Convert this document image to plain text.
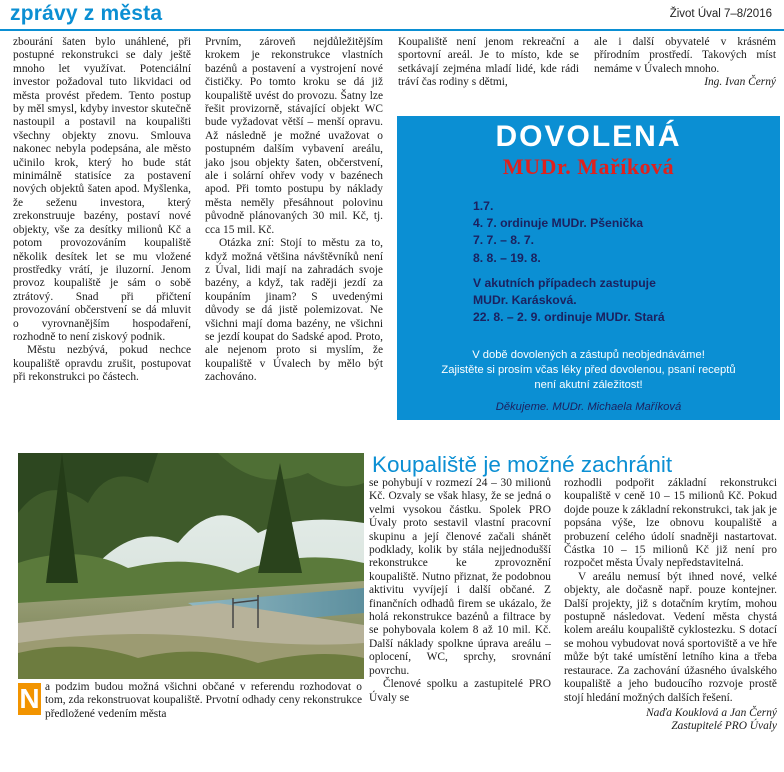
zprávy z města	Život Úval 7–8/2016

zbourání šaten bylo unáhlené, při postupné rekonstrukci se daly ještě mnoho let využívat. Potenciální investor požadoval tuto likvidaci od města provést předem. Tento postup by měl smysl, kdyby investor skutečně nastoupil a postavil na koupališti všechny objekty znovu. Smlouva nakonec nebyla podepsána, ale město učinilo krok, který ho bude stát minimálně statisíce za postavení nových objektů šaten apod. Myšlenka, že seženu investora, který zrekonstruuje bazény, postaví nové objekty, vše za desítky milionů Kč a potom provozováním koupaliště několik desítek let se mu vložené prostředky vrátí, je iluzorní. Jenom provoz koupaliště je sám o sobě ztrátový. Snad při přičtení provozování občerstvení se dá mluvit o vyrovnanějším hospodaření, rozhodně to není ziskový podnik.

Městu nezbývá, pokud nechce koupaliště opravdu zrušit, postupovat při rekonstrukci po částech.

Prvním, zároveň nejdůležitějším krokem je rekonstrukce vlastních bazénů a postavení a vystrojení nové čističky. Po tomto kroku se dá již koupaliště uvést do provozu. Šatny lze řešit provizorně, stávající objekt WC bude vyžadovat větší – menší opravu. Až následně je možné uvažovat o postupném dalším vybavení areálu, jako jsou objekty šaten, občerstvení, ale i solární ohřev vody v bazénech apod. Při tomto postupu by náklady města neměly přesáhnout polovinu původně plánovaných 30 mil. Kč, tj. cca 15 mil. Kč.

Otázka zní: Stojí to městu za to, když možná většina návštěvníků není z Úval, lidi mají na zahradách svoje bazény, a když, tak raději jezdí za koupáním jinam? S uvedenými důvody se dá jistě polemizovat. Ne všichni mají doma bazény, ne všichni se jezdí koupat do Sadské apod. Proto, ale nejenom proto si myslím, že koupaliště v Úvalech by mělo být zachováno.

Koupaliště není jenom rekreační a sportovní areál. Je to místo, kde se setkávají zejména mladí lidé, kde rádi tráví čas rodiny s dětmi,

ale i další obyvatelé v krásném přírodním prostředí. Takových míst nemáme v Úvalech mnoho.

Ing. Ivan Černý
DOVOLENÁ
MUDr. Maříková
1.7.
4. 7. ordinuje MUDr. Pšenička
7. 7. – 8. 7.
8. 8. – 19. 8.
V akutních případech zastupuje
MUDr. Karásková.
22. 8. – 2. 9. ordinuje MUDr. Stará
V době dovolených a zástupů neobjednáváme!
Zajistěte si prosím včas léky před dovolenou, psaní receptů
není akutní záležitost!
Děkujeme. MUDr. Michaela Maříková
Koupaliště je možné zachránit
N a podzim budou možná všichni občané v referendu rozhodovat o tom, zda rekonstruovat koupaliště. Prvotní odhady ceny rekonstrukce předložené vedením města

se pohybují v rozmezí 24 – 30 milionů Kč. Ozvaly se však hlasy, že se jedná o velmi vysokou částku. Spolek PRO Úvaly proto sestavil vlastní pracovní skupinu a její členové začali shánět podklady, kolik by stála nejjednodušší rekonstrukce ke zprovoznění koupaliště. Nutno přiznat, že podobnou aktivitu vyvíjejí i další občané. Z finančních odhadů firem se ukázalo, že holá rekonstrukce bazénů a filtrace by se pohybovala kolem 8 až 10 mil. Kč. Další náklady spolkne úprava areálu – oplocení, WC, sprchy, srovnání povrchu.

Členové spolku a zastupitelé PRO Úvaly se

rozhodli podpořit základní rekonstrukci koupaliště v ceně 10 – 15 milionů Kč. Pokud dojde pouze k základní rekonstrukci, tak jak je popsána výše, lze obnovu koupaliště a probuzení celého údolí snadněji nastartovat. Částka 10 – 15 milionů Kč již není pro rozpočet města Úvaly nepředstavitelná.

V areálu nemusí být ihned nové, velké objekty, ale dočasně např. pouze kontejner. Další projekty, již s dotačním krytím, mohou postupně následovat. Vedení města chystá kolem areálu koupaliště cyklostezku. S dotací se mohou vybudovat nová sportoviště a ve hře může být také umístění letního kina a třeba restaurace. Za zachování úžasného úvalského koupaliště a jeho budoucího rozvoje prostě stojí hledání možných dalších řešení.

Naďa Kouklová a Jan Černý
Zastupitelé PRO Úvaly
